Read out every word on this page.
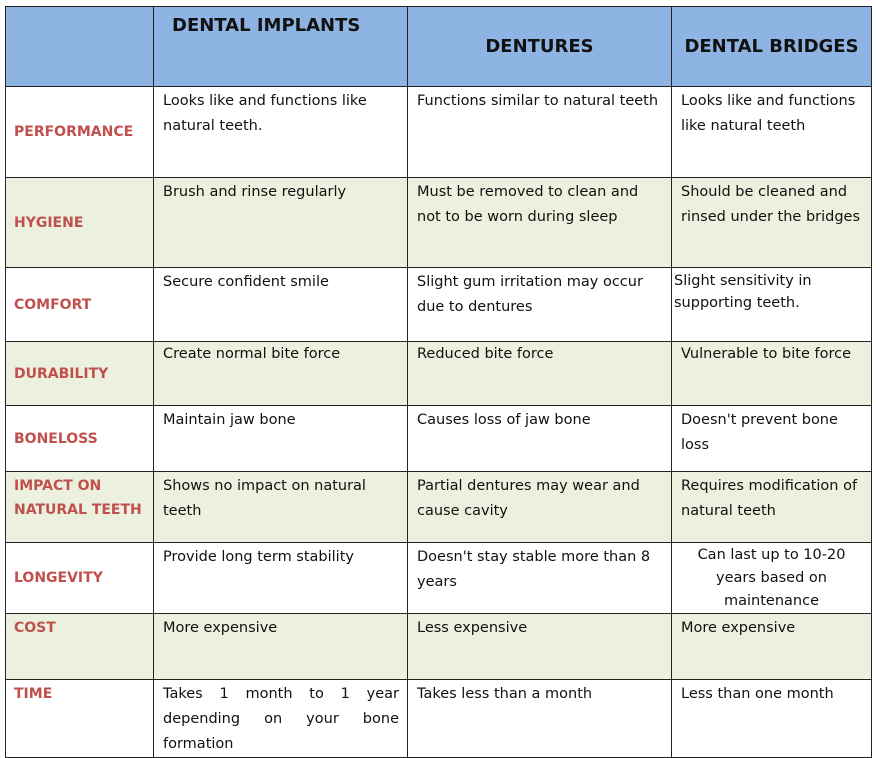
	DENTAL IMPLANTS	DENTURES	DENTAL BRIDGES
PERFORMANCE	Looks like and functions like natural teeth.	Functions similar to natural teeth	Looks like and functions like natural teeth
HYGIENE	Brush and rinse regularly	Must be removed to clean and not to be worn during sleep	Should be cleaned and rinsed under the bridges
COMFORT	Secure confident smile	Slight gum irritation may occur due to dentures	Slight sensitivity in supporting teeth.
DURABILITY	Create normal bite force	Reduced bite force	Vulnerable to bite force
BONELOSS	Maintain jaw bone	Causes loss of jaw bone	Doesn't prevent bone loss
IMPACT ON NATURAL TEETH	Shows no impact on natural teeth	Partial dentures may wear and cause cavity	Requires modification of natural teeth
LONGEVITY	Provide long term stability	Doesn't stay stable more than 8 years	Can last up to 10-20 years based on maintenance
COST	More expensive	Less expensive	More expensive
TIME	Takes 1 month to 1 year depending on your bone formation	Takes less than a month	Less than one month
